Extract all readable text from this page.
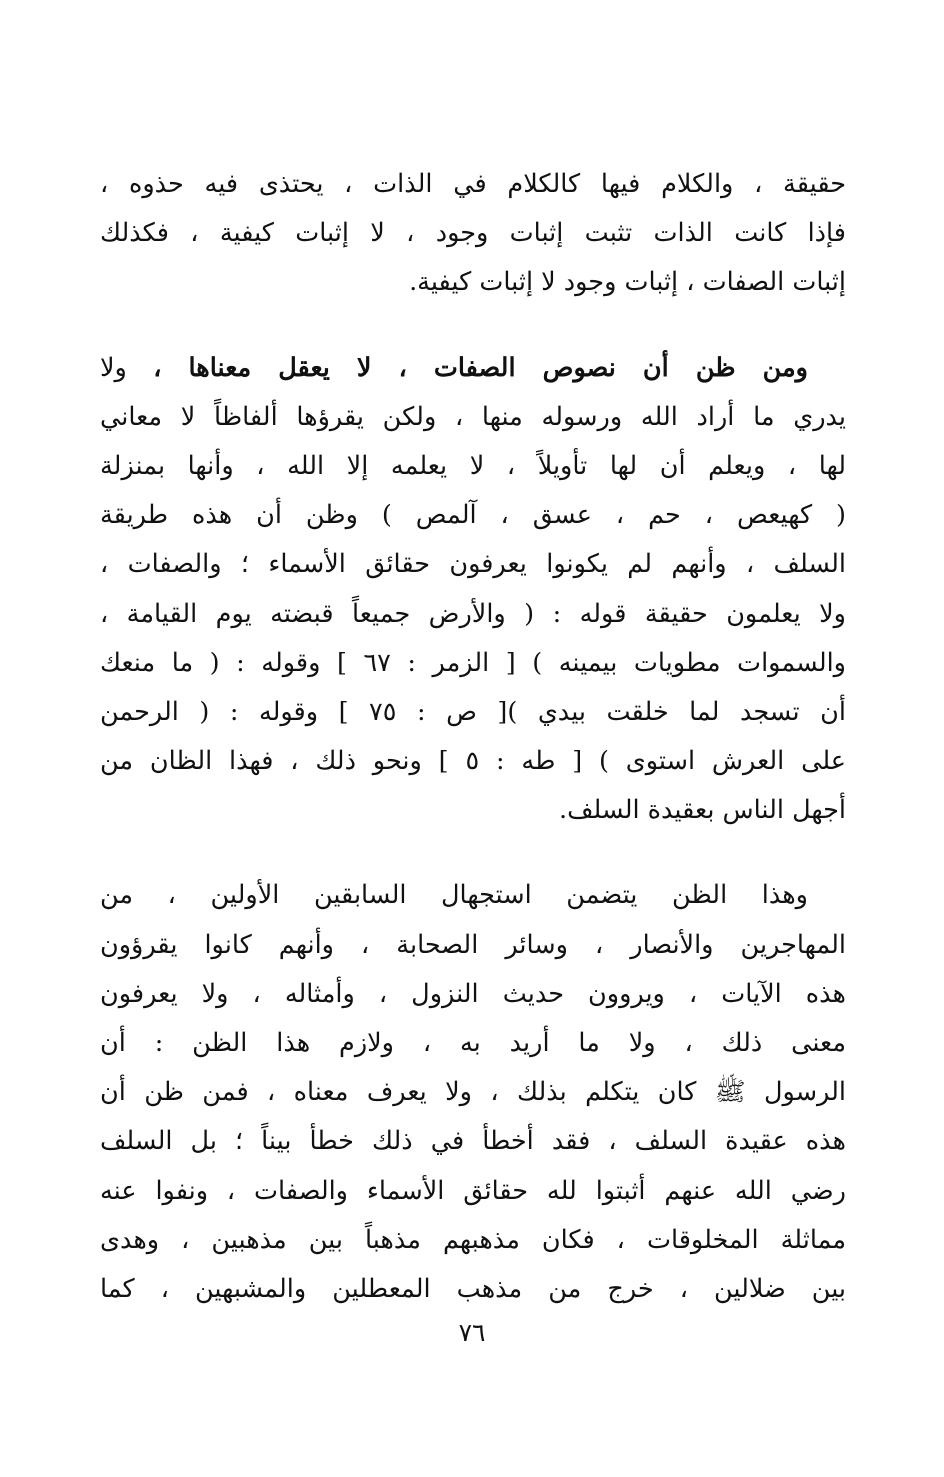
حقيقة ، والكلام فيها كالكلام في الذات ، يحتذى فيه حذوه ،
فإذا كانت الذات تثبت إثبات وجود ، لا إثبات كيفية ، فكذلك
إثبات الصفات ، إثبات وجود لا إثبات كيفية.
ومن ظن أن نصوص الصفات ، لا يعقل معناها ، ولا
يدري ما أراد الله ورسوله منها ، ولكن يقرؤها ألفاظاً لا معاني
لها ، ويعلم أن لها تأويلاً ، لا يعلمه إلا الله ، وأنها بمنزلة
( كهيعص ، حم ، عسق ، آلمص ) وظن أن هذه طريقة
السلف ، وأنهم لم يكونوا يعرفون حقائق الأسماء ؛ والصفات ،
ولا يعلمون حقيقة قوله : ( والأرض جميعاً قبضته يوم القيامة ،
والسموات مطويات بيمينه ) [ الزمر : ٦٧ ] وقوله : ( ما منعك
أن تسجد لما خلقت بيدي )[ ص : ٧٥ ] وقوله : ( الرحمن
على العرش استوى ) [ طه : ٥ ] ونحو ذلك ، فهذا الظان من
أجهل الناس بعقيدة السلف.
وهذا الظن يتضمن استجهال السابقين الأولين ، من
المهاجرين والأنصار ، وسائر الصحابة ، وأنهم كانوا يقرؤون
هذه الآيات ، ويروون حديث النزول ، وأمثاله ، ولا يعرفون
معنى ذلك ، ولا ما أريد به ، ولازم هذا الظن : أن
الرسول ﷺ كان يتكلم بذلك ، ولا يعرف معناه ، فمن ظن أن
هذه عقيدة السلف ، فقد أخطأ في ذلك خطأ بيناً ؛ بل السلف
رضي الله عنهم أثبتوا لله حقائق الأسماء والصفات ، ونفوا عنه
مماثلة المخلوقات ، فكان مذهبهم مذهباً بين مذهبين ، وهدى
بين ضلالين ، خرج من مذهب المعطلين والمشبهين ، كما
٧٦
